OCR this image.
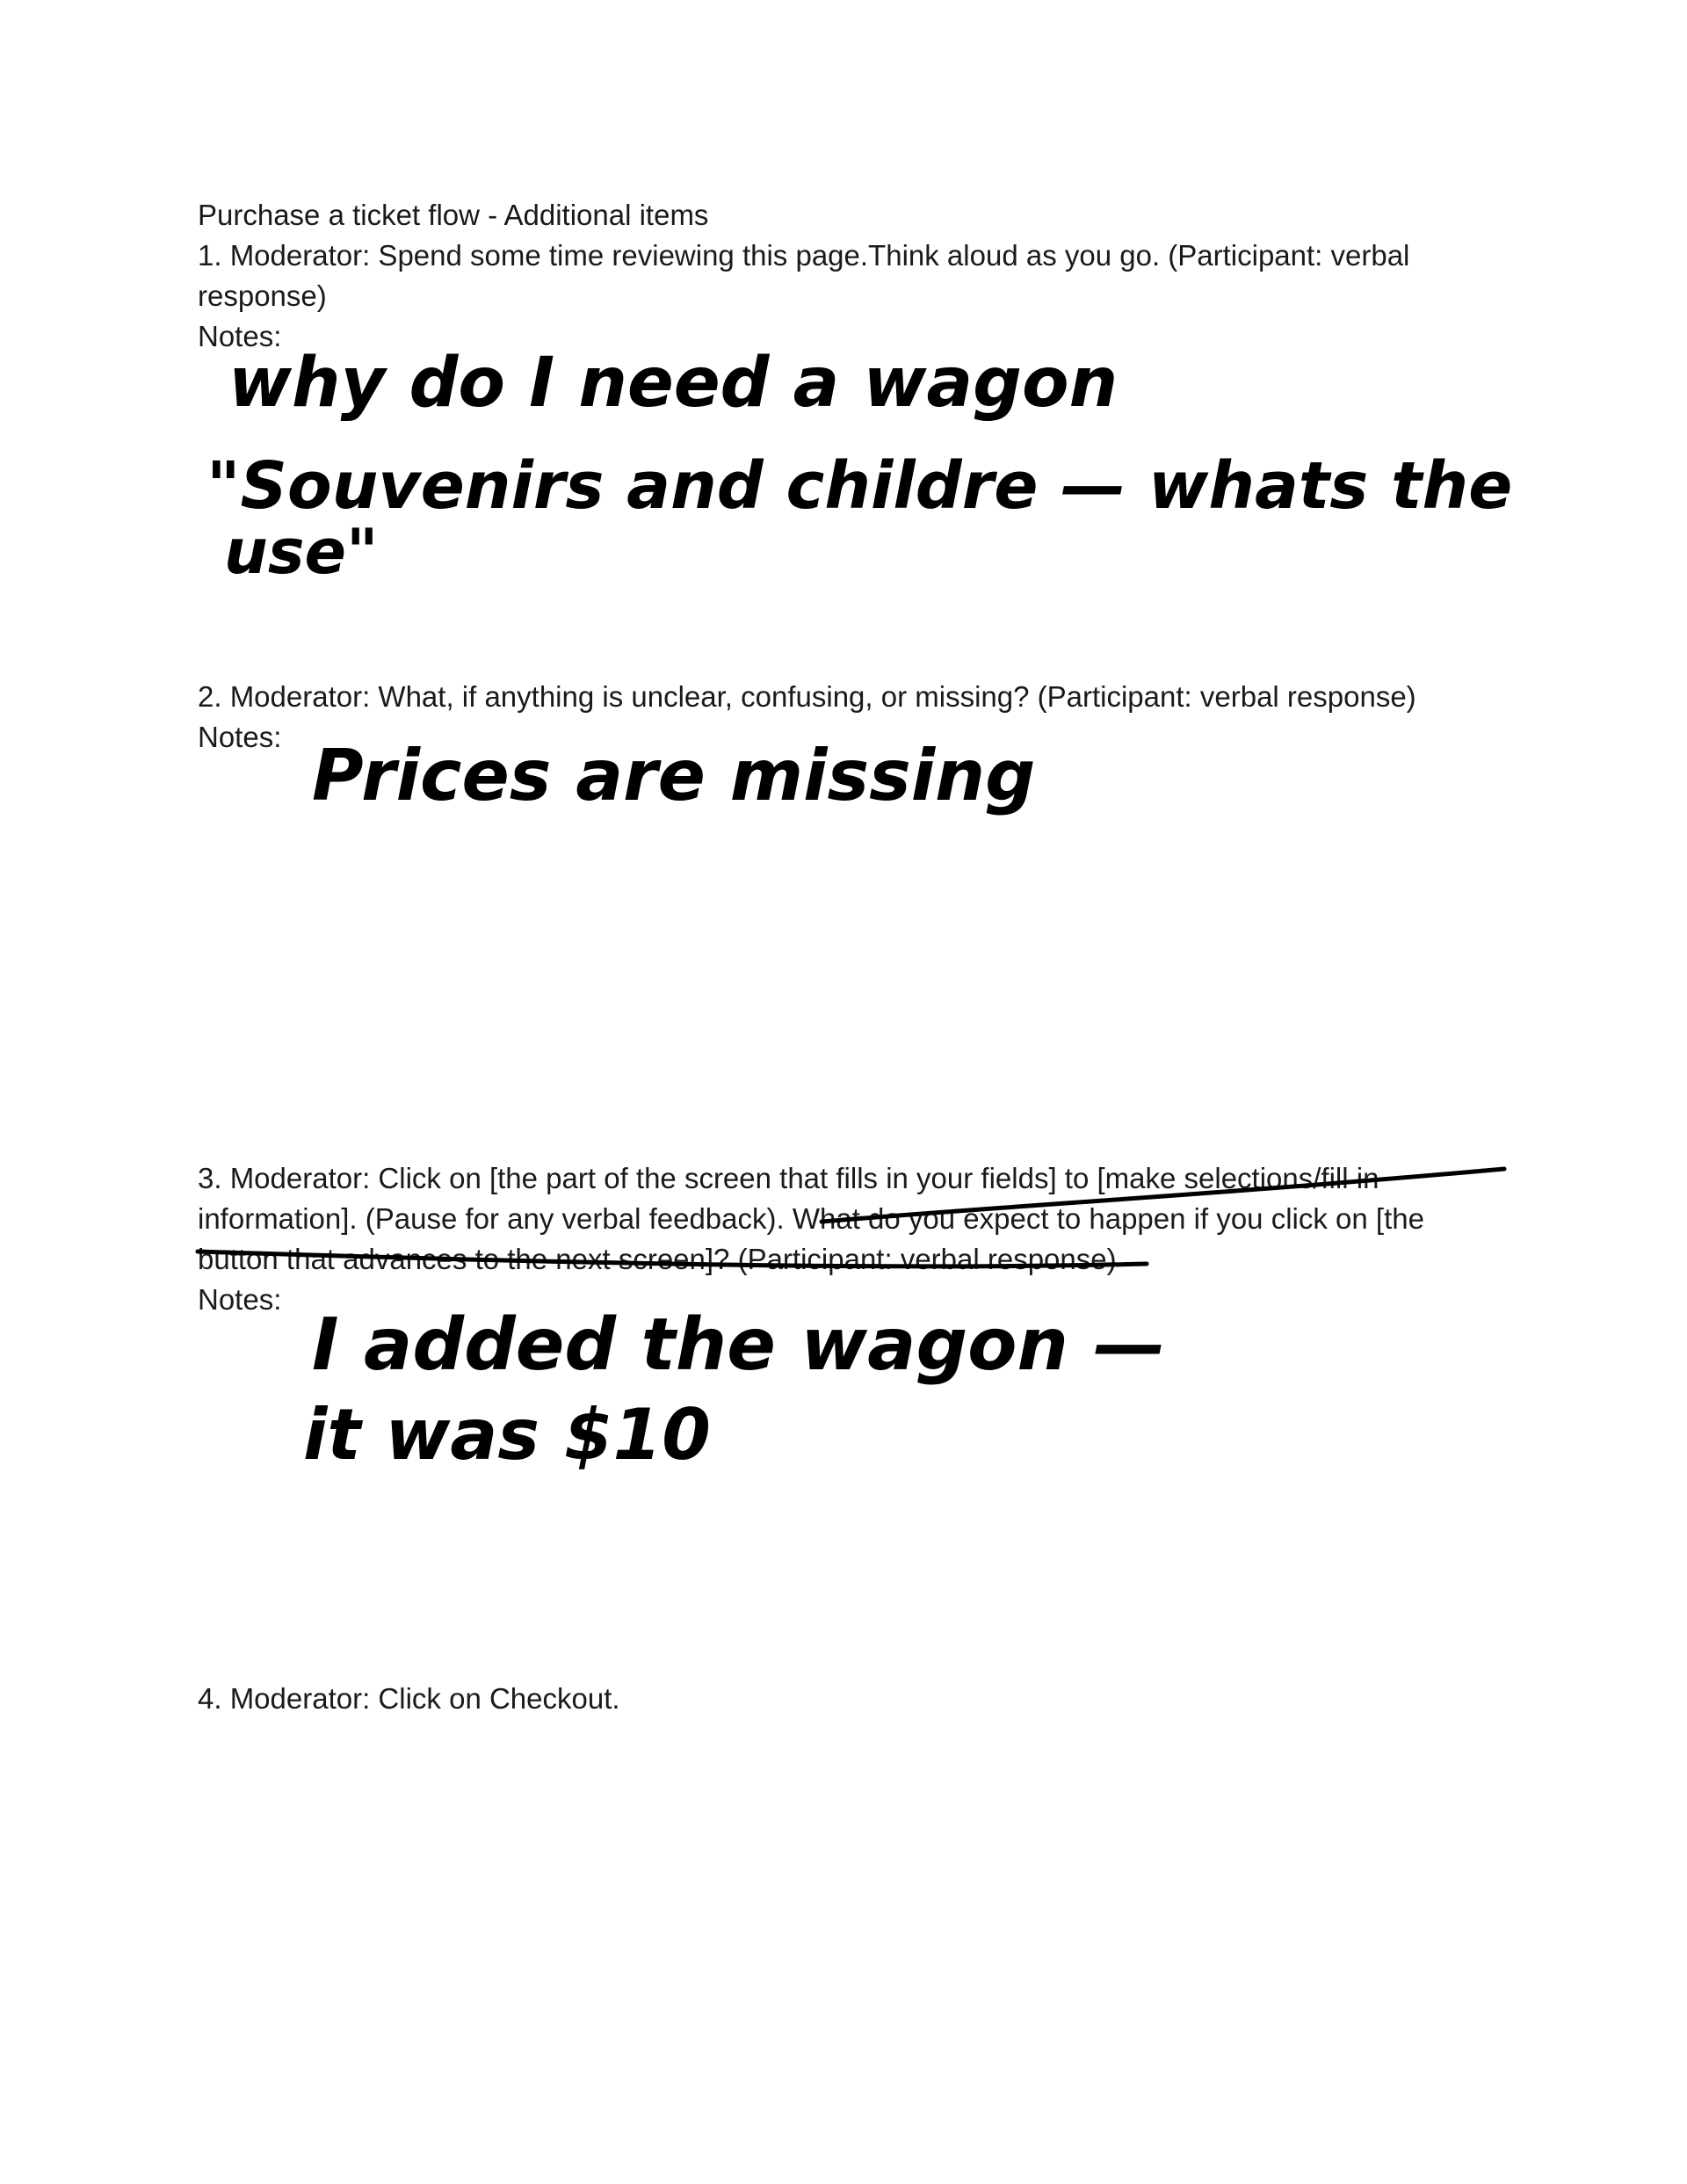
Purchase a ticket flow - Additional items

1. Moderator: Spend some time reviewing this page.Think aloud as you go. (Participant: verbal

response)

Notes:

2. Moderator: What, if anything is unclear, confusing, or missing? (Participant: verbal response)

Notes:

3. Moderator: Click on [the part of the screen that fills in your fields] to [make selections/fill in

information]. (Pause for any verbal feedback). What do you expect to happen if you click on [the

button that advances to the next screen]? (Participant: verbal response)

Notes:

4. Moderator: Click on Checkout.

why do I need a wagon
"Souvenirs and childre — whats the
use"
Prices are missing
I added the wagon —
it was $10
